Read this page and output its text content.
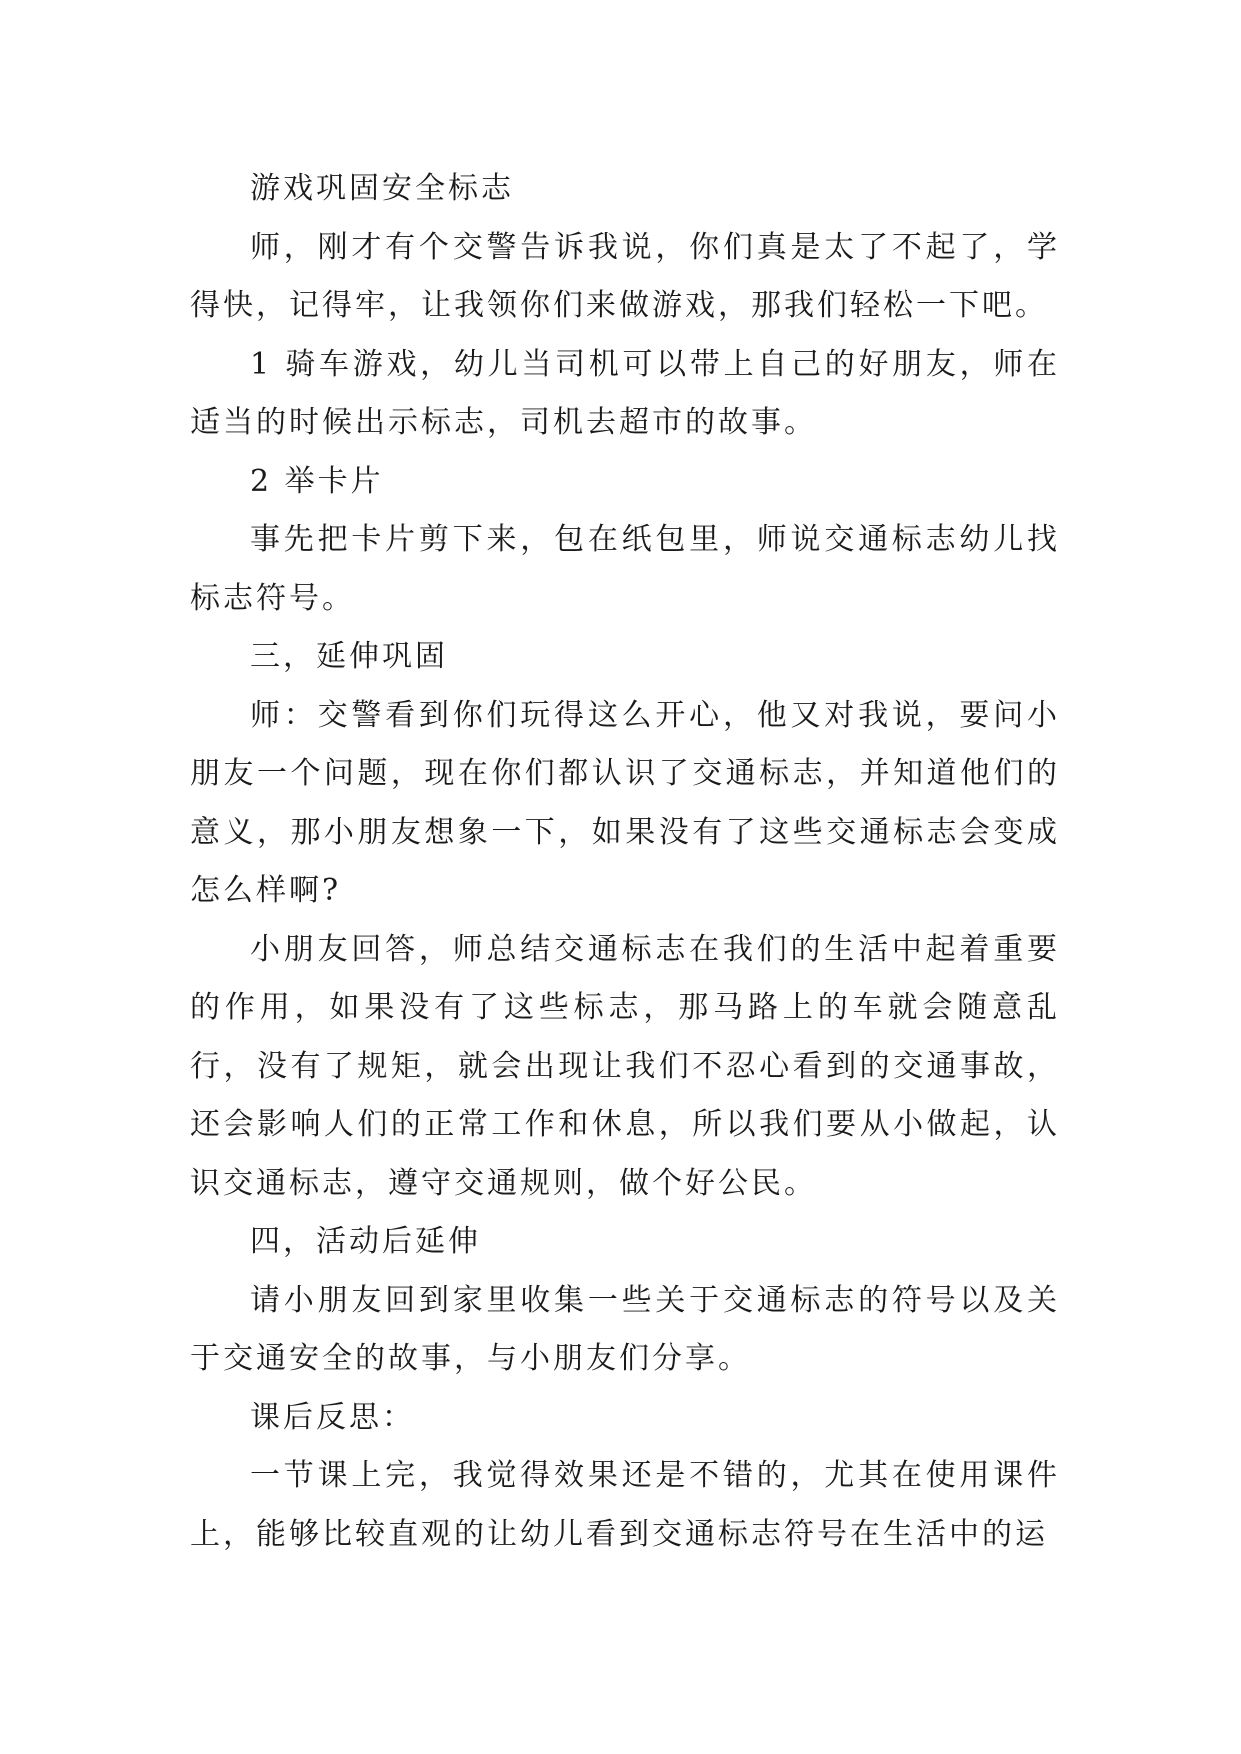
游戏巩固安全标志

师，刚才有个交警告诉我说，你们真是太了不起了，学得快，记得牢，让我领你们来做游戏，那我们轻松一下吧。

1 骑车游戏，幼儿当司机可以带上自己的好朋友，师在适当的时候出示标志，司机去超市的故事。

2 举卡片

事先把卡片剪下来，包在纸包里，师说交通标志幼儿找标志符号。

三，延伸巩固

师：交警看到你们玩得这么开心，他又对我说，要问小朋友一个问题，现在你们都认识了交通标志，并知道他们的意义，那小朋友想象一下，如果没有了这些交通标志会变成怎么样啊?

小朋友回答，师总结交通标志在我们的生活中起着重要的作用，如果没有了这些标志，那马路上的车就会随意乱行，没有了规矩，就会出现让我们不忍心看到的交通事故，还会影响人们的正常工作和休息，所以我们要从小做起，认识交通标志，遵守交通规则，做个好公民。

四，活动后延伸

请小朋友回到家里收集一些关于交通标志的符号以及关于交通安全的故事，与小朋友们分享。

课后反思：

一节课上完，我觉得效果还是不错的，尤其在使用课件上，能够比较直观的让幼儿看到交通标志符号在生活中的运
